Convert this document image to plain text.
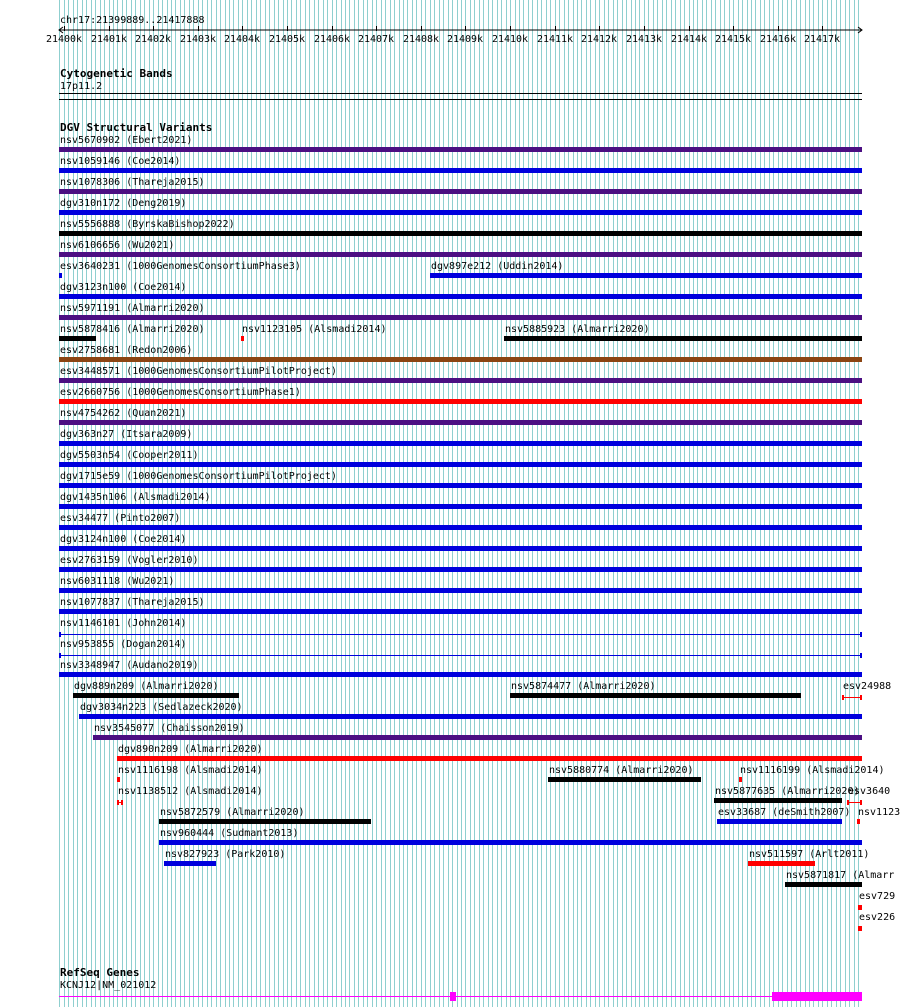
chr17:21399889..21417888
21400k 21401k 21402k 21403k 21404k 21405k 21406k 21407k 21408k 21409k 21410k 21411k 21412k 21413k 21414k 21415k 21416k 21417k
Cytogenetic Bands
17p11.2
DGV Structural Variants
nsv5670902 (Ebert2021)
nsv1059146 (Coe2014)
nsv1078306 (Thareja2015)
dgv310n172 (Deng2019)
nsv5556888 (ByrskaBishop2022)
nsv6106656 (Wu2021)
esv3640231 (1000GenomesConsortiumPhase3)	dgv897e212 (Uddin2014)
dgv3123n100 (Coe2014)
nsv5971191 (Almarri2020)
nsv5878416 (Almarri2020)	nsv1123105 (Alsmadi2014)	nsv5885923 (Almarri2020)
esv2758681 (Redon2006)
esv3448571 (1000GenomesConsortiumPilotProject)
esv2660756 (1000GenomesConsortiumPhase1)
nsv4754262 (Quan2021)
dgv363n27 (Itsara2009)
dgv5503n54 (Cooper2011)
dgv1715e59 (1000GenomesConsortiumPilotProject)
dgv1435n106 (Alsmadi2014)
esv34477 (Pinto2007)
dgv3124n100 (Coe2014)
esv2763159 (Vogler2010)
nsv6031118 (Wu2021)
nsv1077837 (Thareja2015)
nsv1146101 (John2014)
nsv953855 (Dogan2014)
nsv3348947 (Audano2019)
dgv889n209 (Almarri2020)	nsv5874477 (Almarri2020)	esv24988
dgv3034n223 (Sedlazeck2020)
nsv3545077 (Chaisson2019)
dgv890n209 (Almarri2020)
nsv1116198 (Alsmadi2014)	nsv5880774 (Almarri2020)	nsv1116199 (Alsmadi2014)
nsv1138512 (Alsmadi2014)	nsv5877635 (Almarri2020)
esv3640
nsv5872579 (Almarri2020)	esv33687 (deSmith2007) nsv1123
nsv960444 (Sudmant2013)
nsv827923 (Park2010)	nsv511597 (Arlt2011)
nsv5871817 (Almarr
esv729
esv226
RefSeq Genes
KCNJ12|NM_021012
